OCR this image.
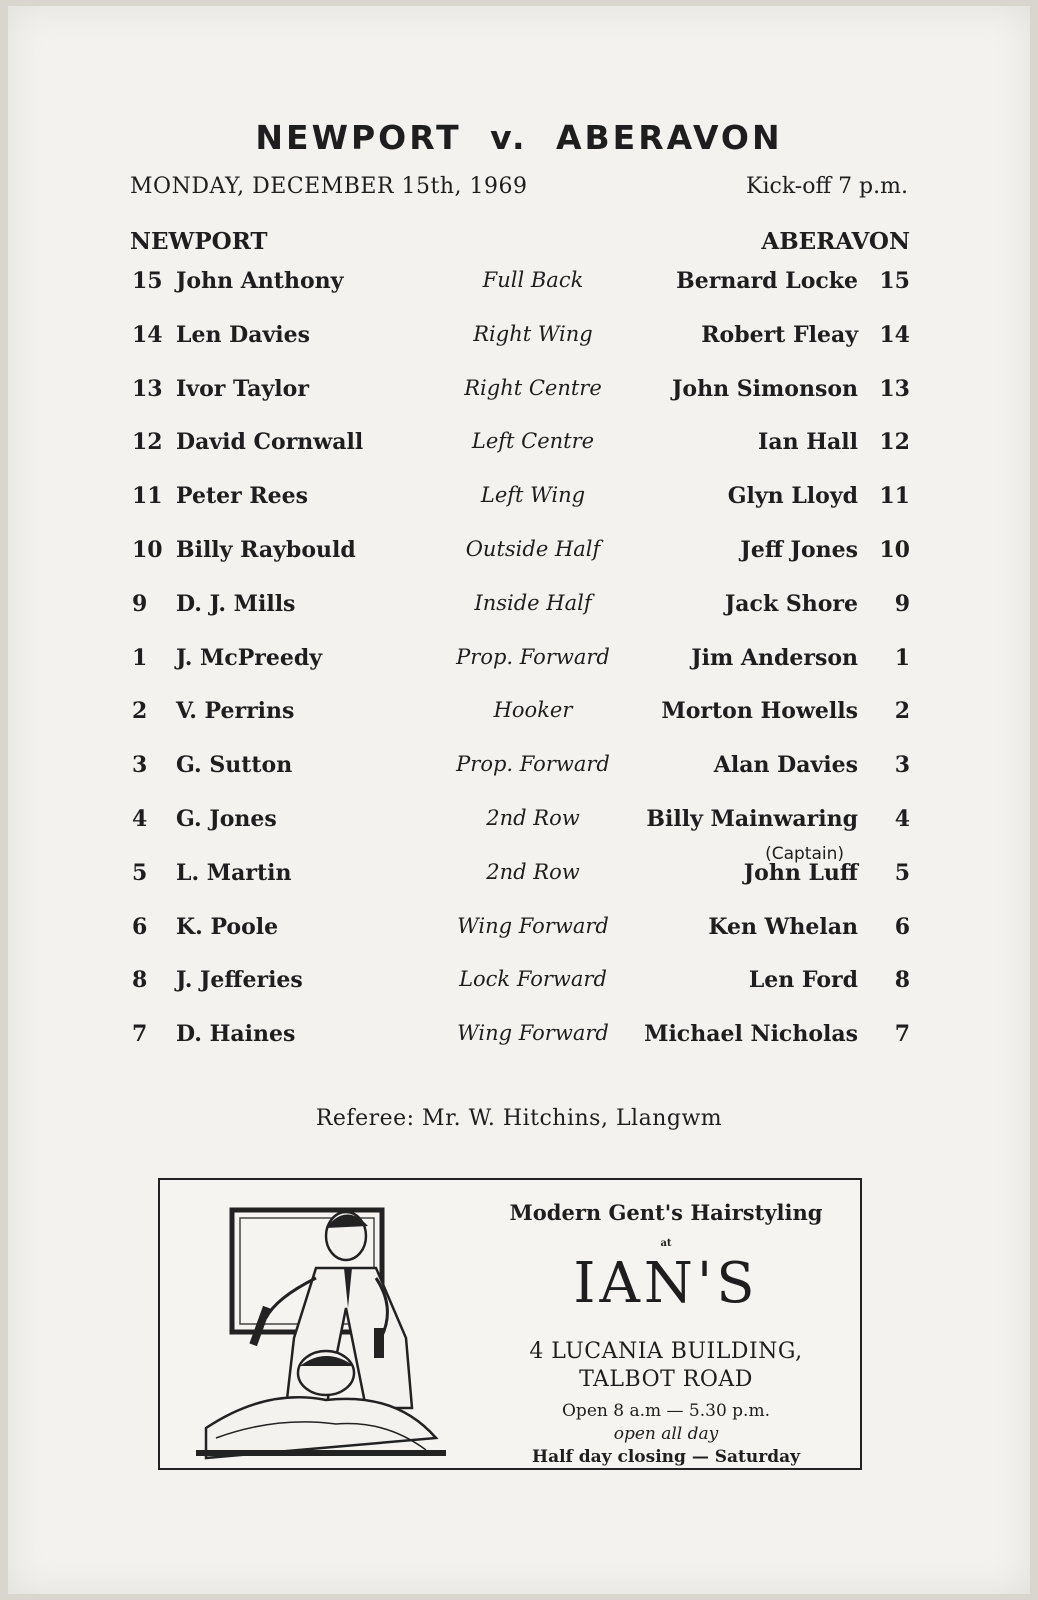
NEWPORT v. ABERAVON
MONDAY, DECEMBER 15th, 1969	Kick-off 7 p.m.
NEWPORT	ABERAVON
15 John Anthony	Full Back	Bernard Locke 15
14 Len Davies	Right Wing	Robert Fleay 14
13 Ivor Taylor	Right Centre	John Simonson 13
12 David Cornwall	Left Centre	Ian Hall 12
11 Peter Rees	Left Wing	Glyn Lloyd 11
10 Billy Raybould	Outside Half	Jeff Jones 10
9	D. J. Mills	Inside Half	Jack Shore	9
1	J. McPreedy	Prop. Forward	Jim Anderson	1
2	V. Perrins	Hooker	Morton Howells	2
3	G. Sutton	Prop. Forward	Alan Davies	3
4	G. Jones	2nd Row	Billy Mainwaring	4
5	L. Martin	2nd Row	John Luff	5
6	K. Poole	Wing Forward	Ken Whelan	6
8	J. Jefferies	Lock Forward	Len Ford	8
7	D. Haines	Wing Forward	Michael Nicholas	7
(Captain)
Referee: Mr. W. Hitchins, Llangwm
Modern Gent's Hairstyling
at
IAN'S
4 LUCANIA BUILDING,
TALBOT ROAD
Open 8 a.m — 5.30 p.m.
open all day
Half day closing — Saturday
